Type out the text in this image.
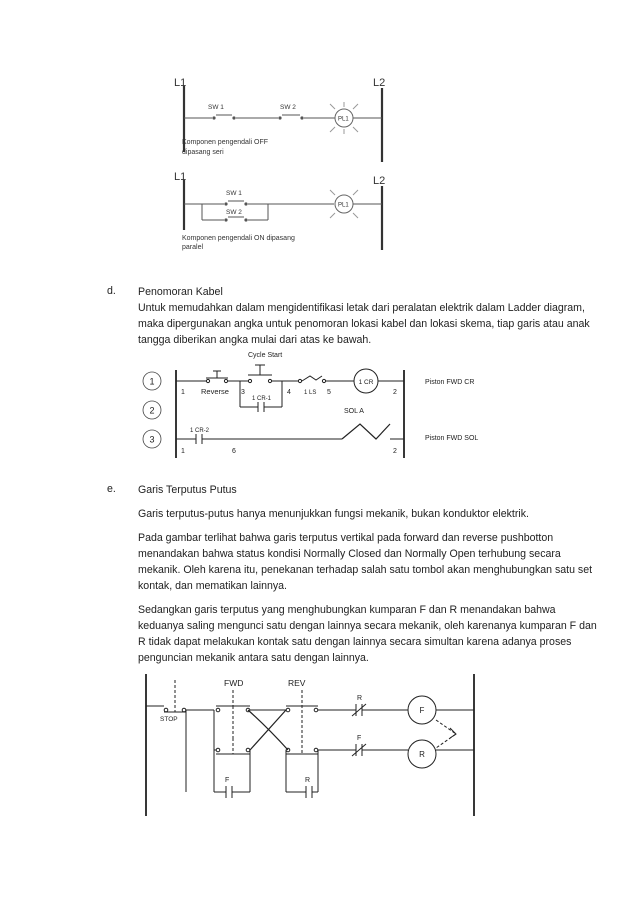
L1	L2
SW 1	SW 2
PL1
Komponen pengendali OFF
dipasang seri
L1	L2
SW 1
SW 2
PL1
Komponen pengendali ON dipasang
paralel
d. Penomoran Kabel
Untuk memudahkan dalam mengidentifikasi letak dari peralatan elektrik dalam Ladder diagram, maka dipergunakan angka untuk penomoran lokasi kabel dan lokasi skema, tiap garis atau anak tangga diberikan angka mulai dari atas ke bawah.
1
2
3
Cycle Start
1 CR
1 Reverse 3	4 1 LS 5	2
Piston FWD CR
1 CR-1
SOL A
1 CR-2
1	6	2
Piston FWD SOL
e. Garis Terputus Putus
Garis terputus-putus hanya menunjukkan fungsi mekanik, bukan konduktor elektrik.
Pada gambar terlihat bahwa garis terputus vertikal pada forward dan reverse pushbotton menandakan bahwa status kondisi Normally Closed dan Normally Open terhubung secara mekanik. Oleh karena itu, penekanan terhadap salah satu tombol akan menghubungkan satu set kontak, dan mematikan lainnya.
Sedangkan garis terputus yang menghubungkan kumparan F dan R menandakan bahwa keduanya saling mengunci satu dengan lainnya secara mekanik, oleh karenanya kumparan F dan R tidak dapat melakukan kontak satu dengan lainnya secara simultan karena adanya proses penguncian mekanik antara satu dengan lainnya.
STOP
FWD	REV
R
F
F
R
F	R
